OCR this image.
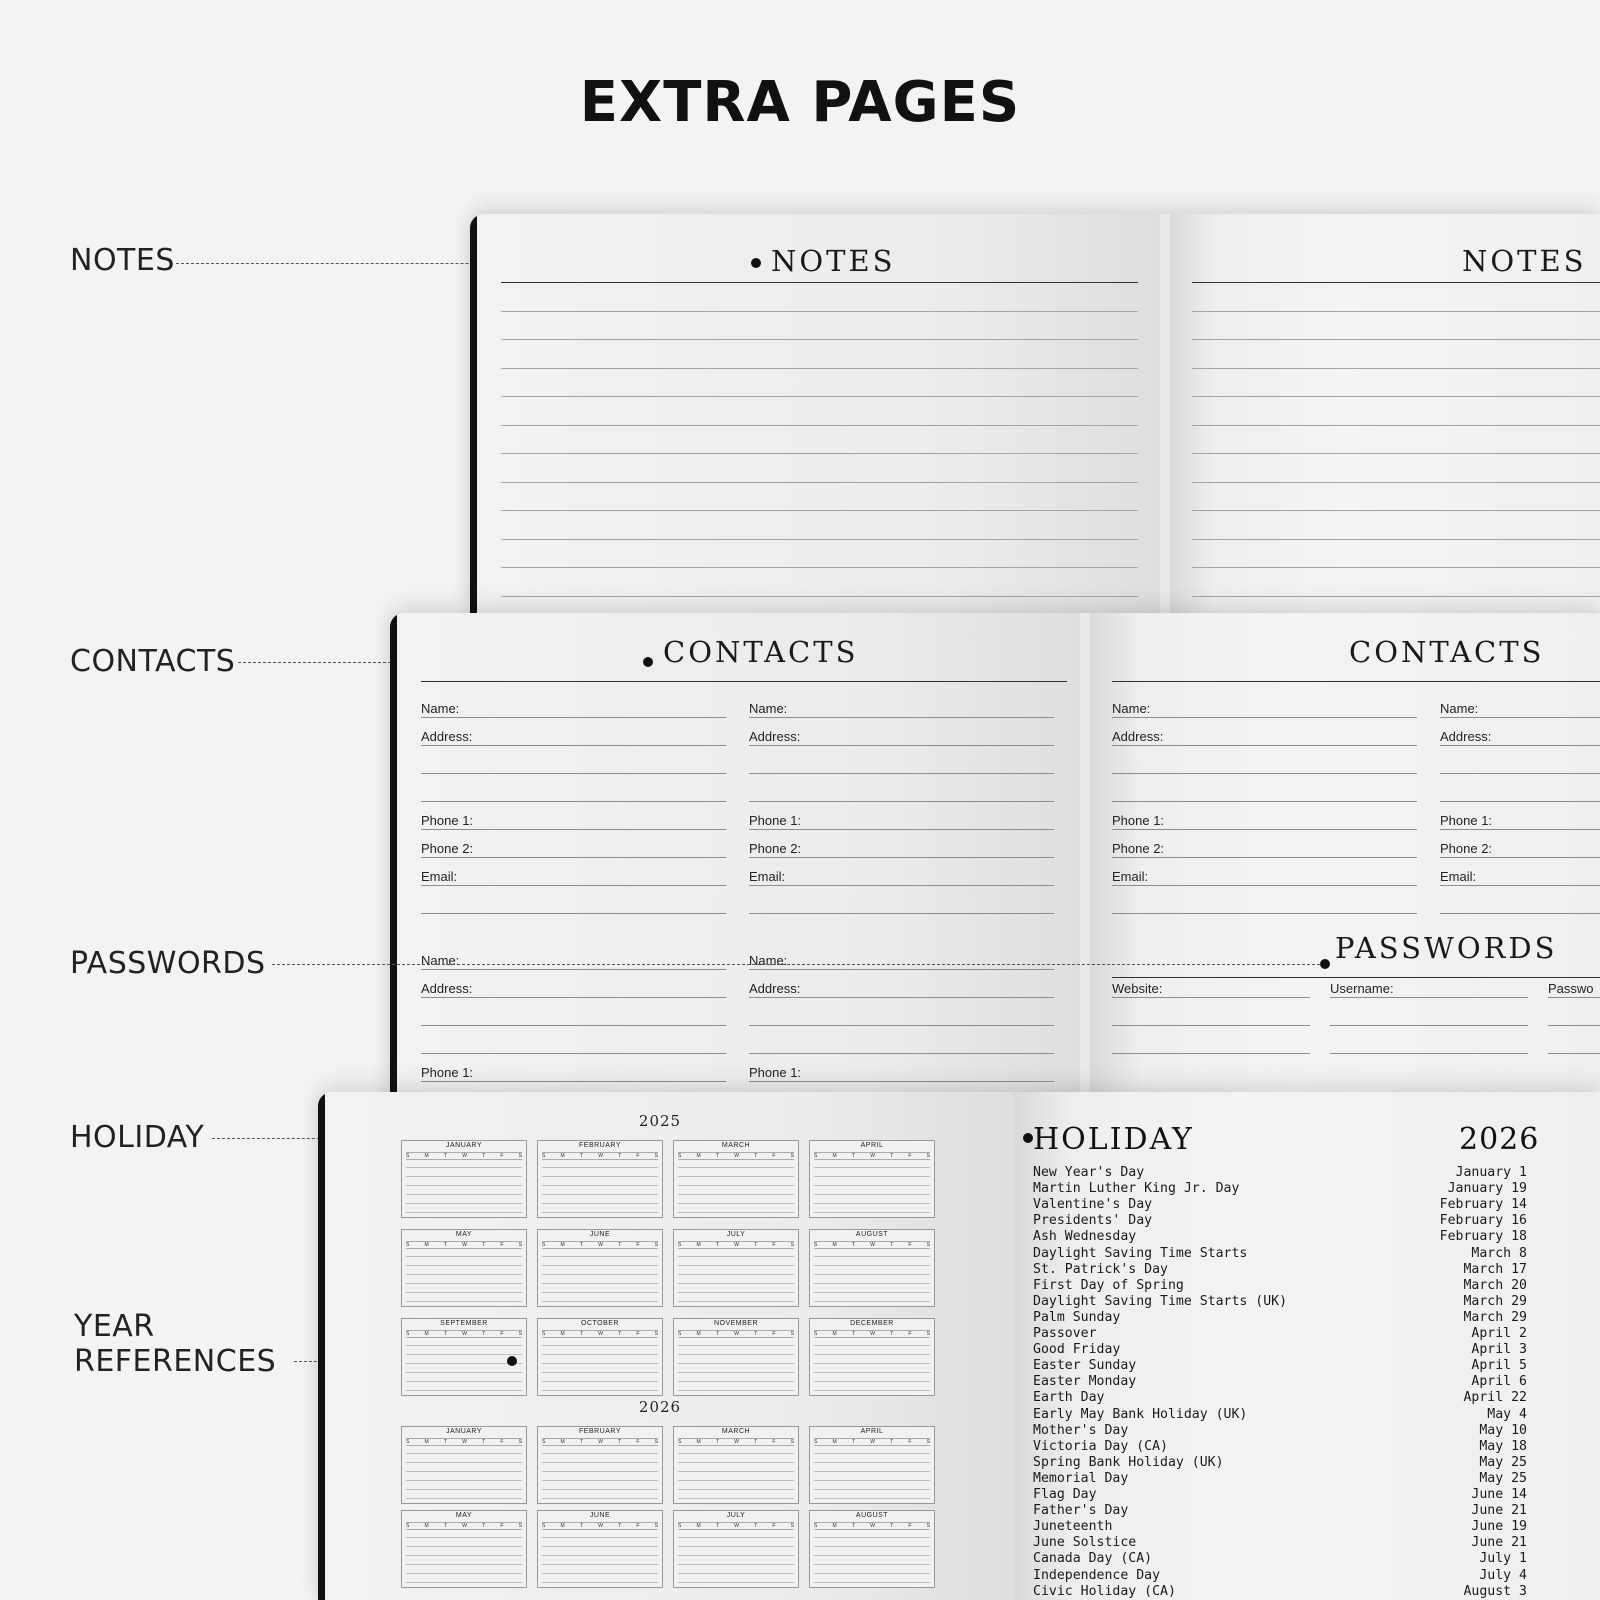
EXTRA PAGES
NOTES
CONTACTS
PASSWORDS
HOLIDAY
YEAR
REFERENCES
NOTES	NOTES
CONTACTS
Name:
Address:
Phone 1:
Phone 2:
Email:
Name:
Address:
Phone 1:
Phone 2:
Email:
Name:
Address:
Phone 1:
Name:
Address:
Phone 1:
CONTACTS
Name:
Address:
Phone 1:
Phone 2:
Email:
Name:
Address:
Phone 1:
Phone 2:
Email:
PASSWORDS
Website:	Username:	Passwo
2025
2026
JANUARY
S	M	T	W	T	F	S
FEBRUARY
S	M	T	W	T	F	S
MARCH
S	M	T	W	T	F	S
APRIL
S	M	T	W	T	F	S
MAY
S	M	T	W	T	F	S
JUNE
S	M	T	W	T	F	S
JULY
S	M	T	W	T	F	S
AUGUST
S	M	T	W	T	F	S
SEPTEMBER
S	M	T	W	T	F	S
OCTOBER
S	M	T	W	T	F	S
NOVEMBER
S	M	T	W	T	F	S
DECEMBER
S	M	T	W	T	F	S
JANUARY
S	M	T	W	T	F	S
FEBRUARY
S	M	T	W	T	F	S
MARCH
S	M	T	W	T	F	S
APRIL
S	M	T	W	T	F	S
MAY
S	M	T	W	T	F	S
JUNE
S	M	T	W	T	F	S
JULY
S	M	T	W	T	F	S
AUGUST
S	M	T	W	T	F	S
HOLIDAY	2026
New Year's Day	January 1
Martin Luther King Jr. Day	January 19
Valentine's Day	February 14
Presidents' Day	February 16
Ash Wednesday	February 18
Daylight Saving Time Starts	March 8
St. Patrick's Day	March 17
First Day of Spring	March 20
Daylight Saving Time Starts (UK)	March 29
Palm Sunday	March 29
Passover	April 2
Good Friday	April 3
Easter Sunday	April 5
Easter Monday	April 6
Earth Day	April 22
Early May Bank Holiday (UK)	May 4
Mother's Day	May 10
Victoria Day (CA)	May 18
Spring Bank Holiday (UK)	May 25
Memorial Day	May 25
Flag Day	June 14
Father's Day	June 21
Juneteenth	June 19
June Solstice	June 21
Canada Day (CA)	July 1
Independence Day	July 4
Civic Holiday (CA)	August 3
